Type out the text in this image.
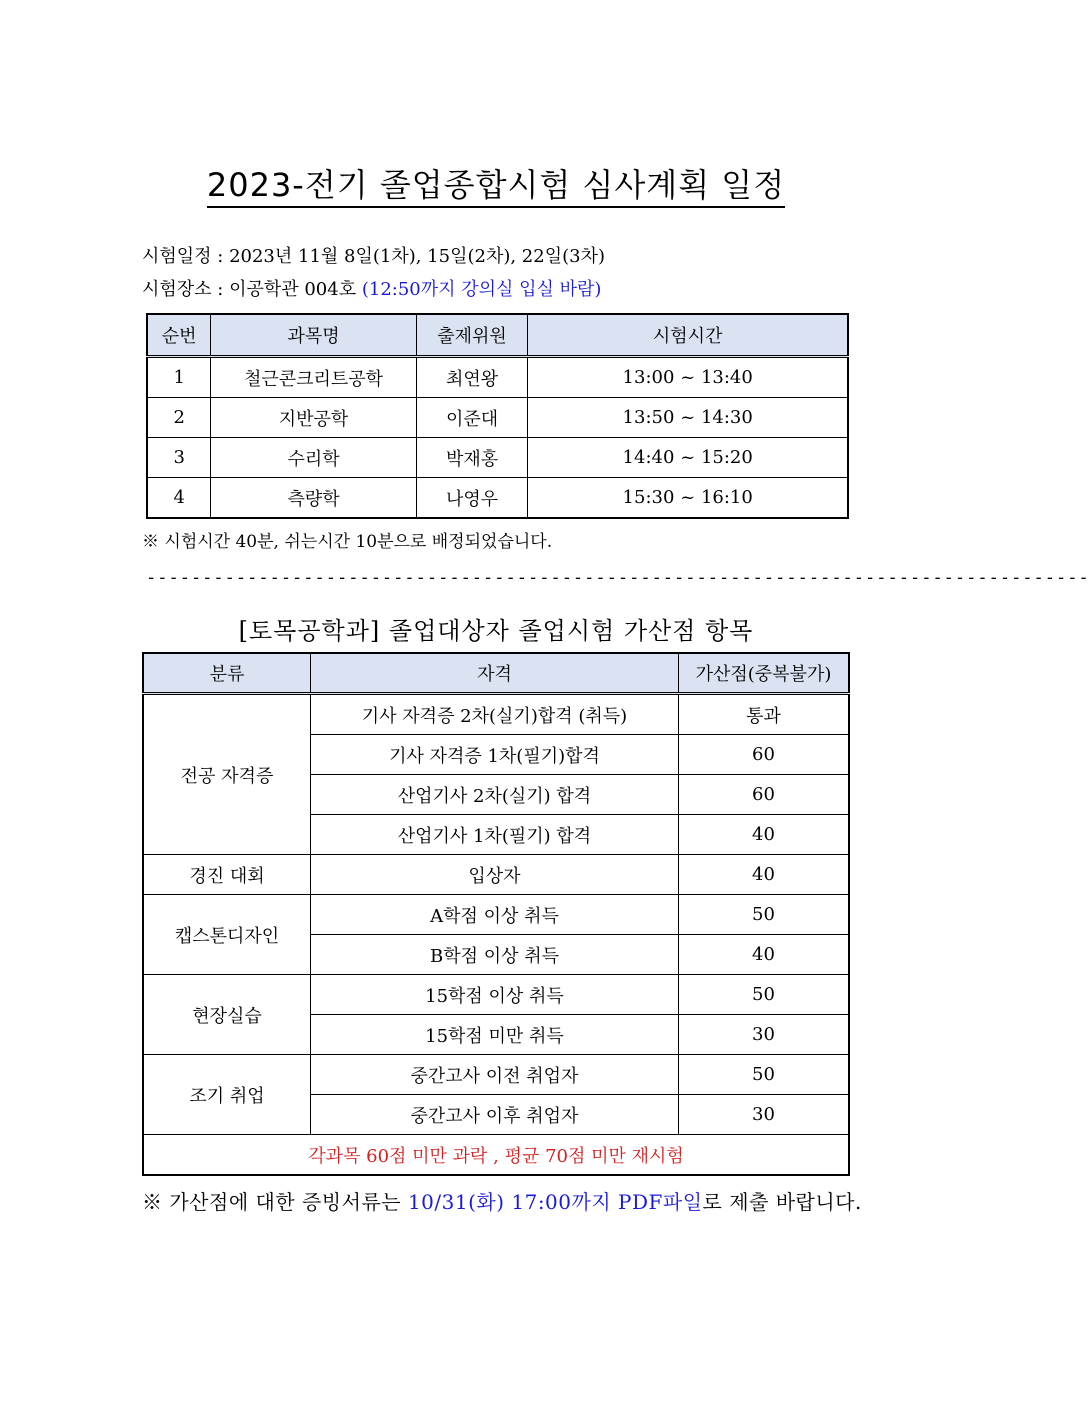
2023-전기 졸업종합시험 심사계획 일정
시험일정 : 2023년 11월 8일(1차), 15일(2차), 22일(3차)
시험장소 : 이공학관 004호 (12:50까지 강의실 입실 바람)
순번	과목명	출제위원	시험시간
1	철근콘크리트공학	최연왕	13:00 ~ 13:40
2	지반공학	이준대	13:50 ~ 14:30
3	수리학	박재홍	14:40 ~ 15:20
4	측량학	나영우	15:30 ~ 16:10
※ 시험시간 40분, 쉬는시간 10분으로 배정되었습니다.
------------------------------------------------------------------------------------
[토목공학과] 졸업대상자 졸업시험 가산점 항목
분류	자격	가산점(중복불가)
전공 자격증	기사 자격증 2차(실기)합격 (취득)	통과
	기사 자격증 1차(필기)합격	60
	산업기사 2차(실기) 합격	60
	산업기사 1차(필기) 합격	40
경진 대회	입상자	40
캡스톤디자인	A학점 이상 취득	50
	B학점 이상 취득	40
현장실습	15학점 이상 취득	50
	15학점 미만 취득	30
조기 취업	중간고사 이전 취업자	50
	중간고사 이후 취업자	30
각과목 60점 미만 과락 , 평균 70점 미만 재시험		
※ 가산점에 대한 증빙서류는 10/31(화) 17:00까지 PDF파일로 제출 바랍니다.
